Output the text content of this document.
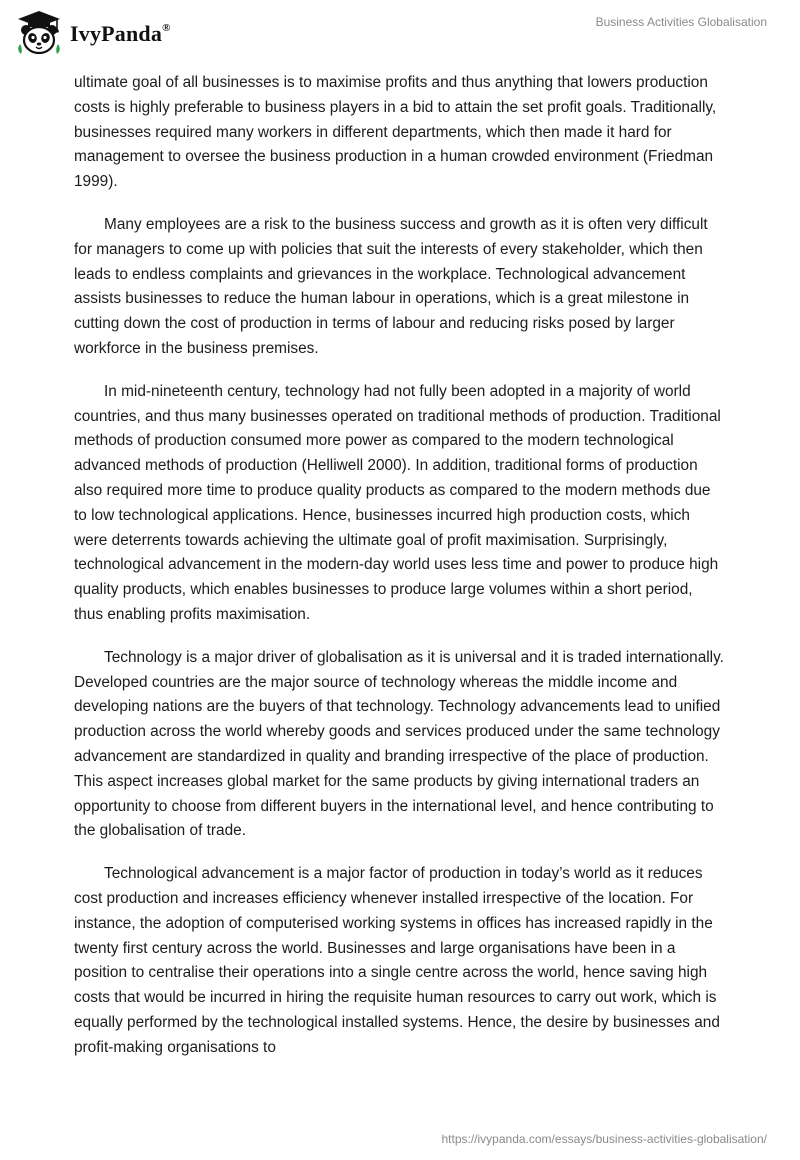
IvyPanda®	Business Activities Globalisation

ultimate goal of all businesses is to maximise profits and thus anything that lowers production costs is highly preferable to business players in a bid to attain the set profit goals. Traditionally, businesses required many workers in different departments, which then made it hard for management to oversee the business production in a human crowded environment (Friedman 1999).

Many employees are a risk to the business success and growth as it is often very difficult for managers to come up with policies that suit the interests of every stakeholder, which then leads to endless complaints and grievances in the workplace. Technological advancement assists businesses to reduce the human labour in operations, which is a great milestone in cutting down the cost of production in terms of labour and reducing risks posed by larger workforce in the business premises.

In mid-nineteenth century, technology had not fully been adopted in a majority of world countries, and thus many businesses operated on traditional methods of production. Traditional methods of production consumed more power as compared to the modern technological advanced methods of production (Helliwell 2000). In addition, traditional forms of production also required more time to produce quality products as compared to the modern methods due to low technological applications. Hence, businesses incurred high production costs, which were deterrents towards achieving the ultimate goal of profit maximisation. Surprisingly, technological advancement in the modern-day world uses less time and power to produce high quality products, which enables businesses to produce large volumes within a short period, thus enabling profits maximisation.

Technology is a major driver of globalisation as it is universal and it is traded internationally. Developed countries are the major source of technology whereas the middle income and developing nations are the buyers of that technology. Technology advancements lead to unified production across the world whereby goods and services produced under the same technology advancement are standardized in quality and branding irrespective of the place of production. This aspect increases global market for the same products by giving international traders an opportunity to choose from different buyers in the international level, and hence contributing to the globalisation of trade.

Technological advancement is a major factor of production in today’s world as it reduces cost production and increases efficiency whenever installed irrespective of the location. For instance, the adoption of computerised working systems in offices has increased rapidly in the twenty first century across the world. Businesses and large organisations have been in a position to centralise their operations into a single centre across the world, hence saving high costs that would be incurred in hiring the requisite human resources to carry out work, which is equally performed by the technological installed systems. Hence, the desire by businesses and profit-making organisations to

https://ivypanda.com/essays/business-activities-globalisation/
